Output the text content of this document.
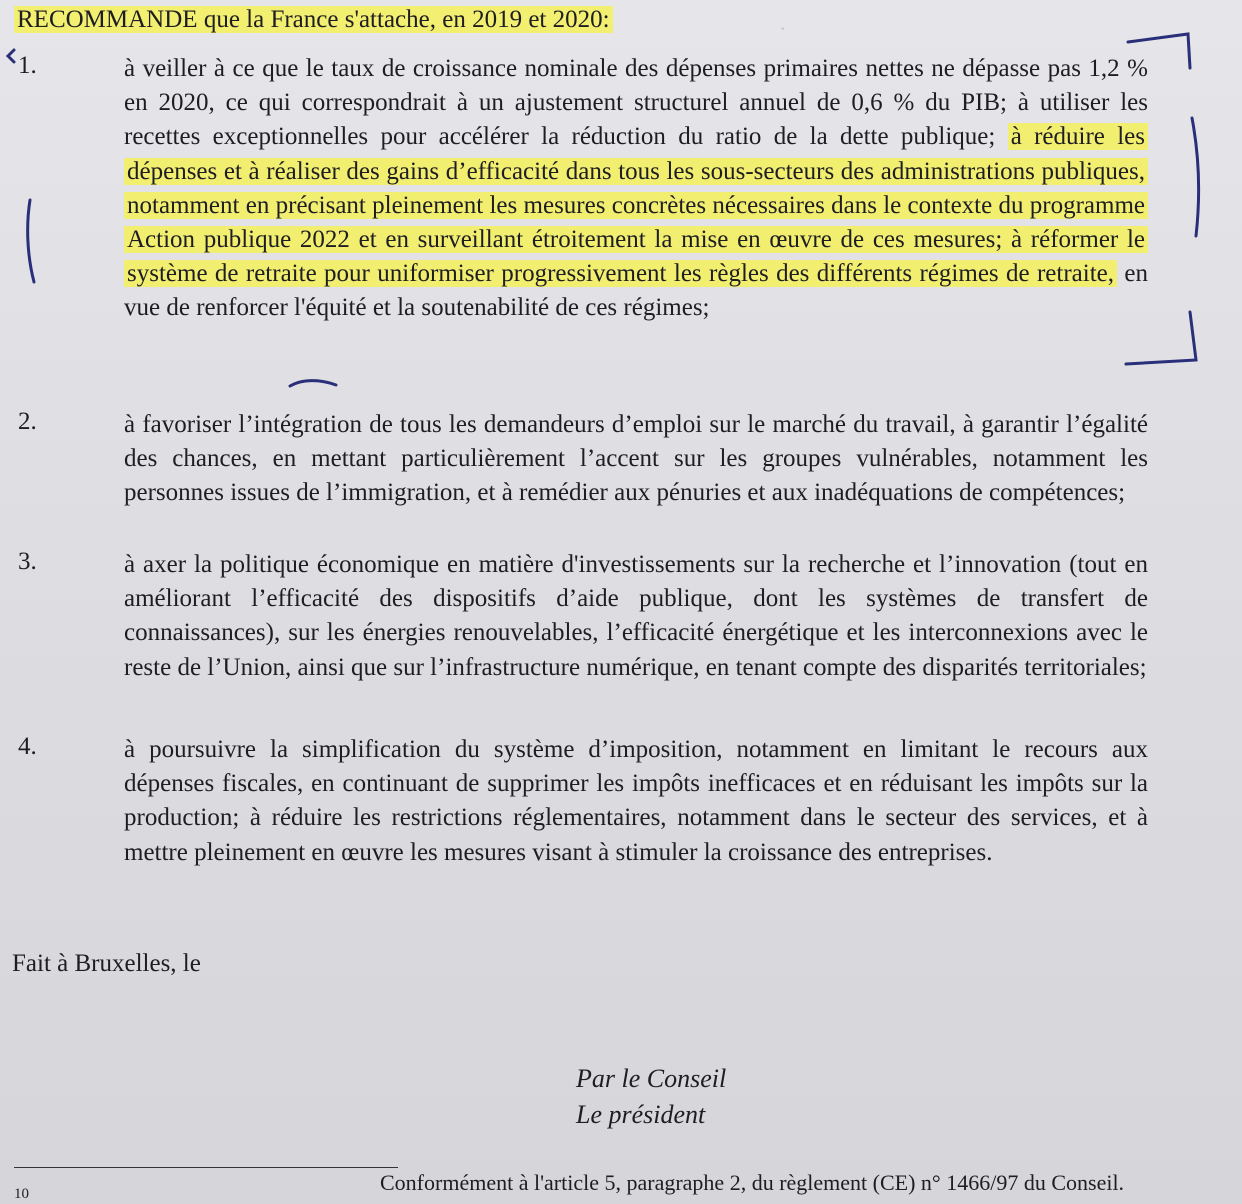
.
RECOMMANDE que la France s'attache, en 2019 et 2020:
1.	à veiller à ce que le taux de croissance nominale des dépenses primaires nettes ne dépasse pas 1,2 % en 2020, ce qui correspondrait à un ajustement structurel annuel de 0,6 % du PIB; à utiliser les recettes exceptionnelles pour accélérer la réduction du ratio de la dette publique; à réduire les dépenses et à réaliser des gains d’efficacité dans tous les sous-secteurs des administrations publiques, notamment en précisant pleinement les mesures concrètes nécessaires dans le contexte du programme Action publique 2022 et en surveillant étroitement la mise en œuvre de ces mesures; à réformer le système de retraite pour uniformiser progressivement les règles des différents régimes de retraite, en vue de renforcer l'équité et la soutenabilité de ces régimes;
2.	à favoriser l’intégration de tous les demandeurs d’emploi sur le marché du travail, à garantir l’égalité des chances, en mettant particulièrement l’accent sur les groupes vulnérables, notamment les personnes issues de l’immigration, et à remédier aux pénuries et aux inadéquations de compétences;
3.	à axer la politique économique en matière d'investissements sur la recherche et l’innovation (tout en améliorant l’efficacité des dispositifs d’aide publique, dont les systèmes de transfert de connaissances), sur les énergies renouvelables, l’efficacité énergétique et les interconnexions avec le reste de l’Union, ainsi que sur l’infrastructure numérique, en tenant compte des disparités territoriales;
4.	à poursuivre la simplification du système d’imposition, notamment en limitant le recours aux dépenses fiscales, en continuant de supprimer les impôts inefficaces et en réduisant les impôts sur la production; à réduire les restrictions réglementaires, notamment dans le secteur des services, et à mettre pleinement en œuvre les mesures visant à stimuler la croissance des entreprises.
Fait à Bruxelles, le
Par le Conseil
Le président
10	Conformément à l'article 5, paragraphe 2, du règlement (CE) n° 1466/97 du Conseil.
